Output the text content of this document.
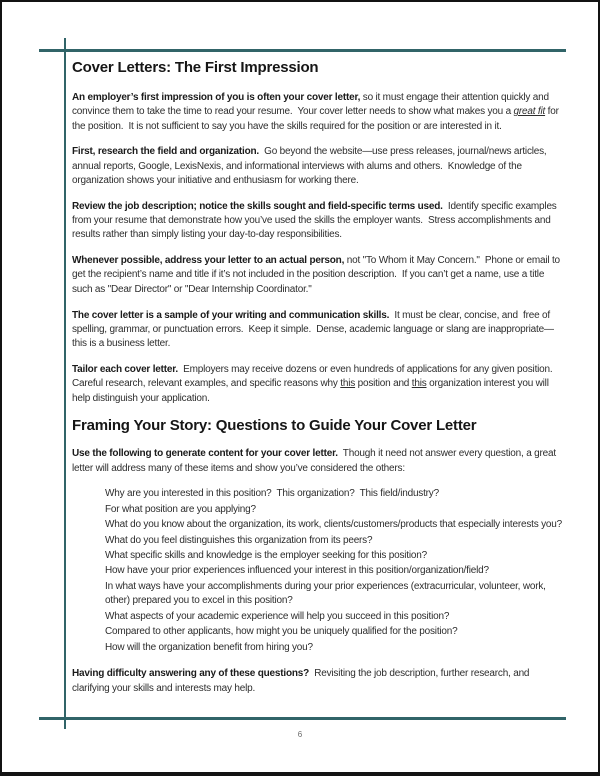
Cover Letters: The First Impression

An employer’s first impression of you is often your cover letter, so it must engage their attention quickly and convince them to take the time to read your resume.  Your cover letter needs to show what makes you a great fit for the position.  It is not sufficient to say you have the skills required for the position or are interested in it.

First, research the field and organization.  Go beyond the website—use press releases, journal/news articles, annual reports, Google, LexisNexis, and informational interviews with alums and others.  Knowledge of the organization shows your initiative and enthusiasm for working there.

Review the job description; notice the skills sought and field-specific terms used.  Identify specific examples from your resume that demonstrate how you’ve used the skills the employer wants.  Stress accomplishments and results rather than simply listing your day-to-day responsibilities.

Whenever possible, address your letter to an actual person, not "To Whom it May Concern."  Phone or email to get the recipient’s name and title if it’s not included in the position description.  If you can’t get a name, use a title such as "Dear Director" or "Dear Internship Coordinator."

The cover letter is a sample of your writing and communication skills.  It must be clear, concise, and  free of spelling, grammar, or punctuation errors.  Keep it simple.  Dense, academic language or slang are inappropriate—this is a business letter.

Tailor each cover letter.  Employers may receive dozens or even hundreds of applications for any given position.  Careful research, relevant examples, and specific reasons why this position and this organization interest you will help distinguish your application.

Framing Your Story: Questions to Guide Your Cover Letter

Use the following to generate content for your cover letter.  Though it need not answer every question, a great letter will address many of these items and show you’ve considered the others:

Why are you interested in this position?  This organization?  This field/industry?
For what position are you applying?
What do you know about the organization, its work, clients/customers/products that especially interests you?
What do you feel distinguishes this organization from its peers?
What specific skills and knowledge is the employer seeking for this position?
How have your prior experiences influenced your interest in this position/organization/field?
In what ways have your accomplishments during your prior experiences (extracurricular, volunteer, work, other) prepared you to excel in this position?
What aspects of your academic experience will help you succeed in this position?
Compared to other applicants, how might you be uniquely qualified for the position?
How will the organization benefit from hiring you?

Having difficulty answering any of these questions?  Revisiting the job description, further research, and clarifying your skills and interests may help.

6
